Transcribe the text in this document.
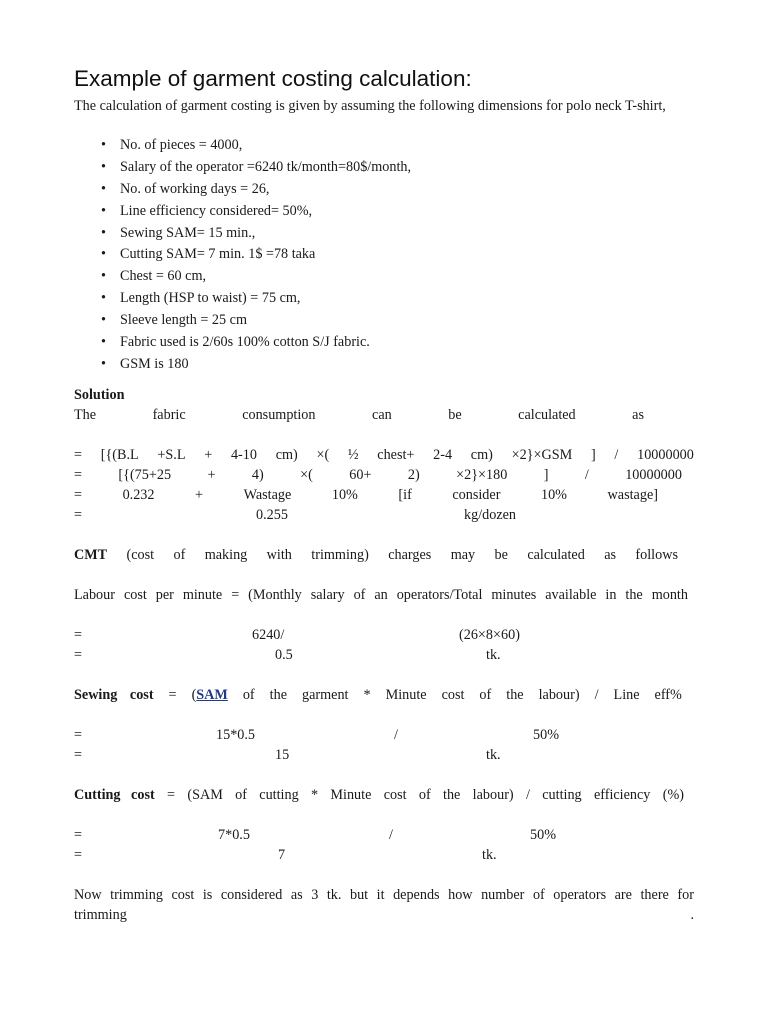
Example of garment costing calculation:
The calculation of garment costing is given by assuming the following dimensions for polo neck T-shirt,
• No. of pieces = 4000,
• Salary of the operator =6240 tk/month=80$/month,
• No. of working days = 26,
• Line efficiency considered= 50%,
• Sewing SAM= 15 min.,
• Cutting SAM= 7 min. 1$ =78 taka
• Chest = 60 cm,
• Length (HSP to waist) = 75 cm,
• Sleeve length = 25 cm
• Fabric used is 2/60s 100% cotton S/J fabric.
• GSM is 180
Solution
The	fabric	consumption	can	be	calculated	as
= [{(B.L +S.L + 4-10 cm) ×( ½ chest+ 2-4 cm) ×2}×GSM ] / 10000000
=	[{(75+25	+	4)	×(	60+	2)	×2}×180	]	/	10000000
=	0.232	+	Wastage	10%	[if	consider	10%	wastage]
=	0.255	kg/dozen
CMT (cost of making with trimming) charges may be calculated as follows
Labour cost per minute = (Monthly salary of an operators/Total minutes available in the month
=	6240/	(26×8×60)
=	0.5	tk.
Sewing cost = (SAM of the garment * Minute cost of the labour) / Line eff%
=	15*0.5	/	50%
=	15	tk.
Cutting cost = (SAM of cutting * Minute cost of the labour) / cutting efficiency (%)
=	7*0.5	/	50%
=	7	tk.
Now trimming cost is considered as 3 tk. but it depends how number of operators are there for
trimming	.
